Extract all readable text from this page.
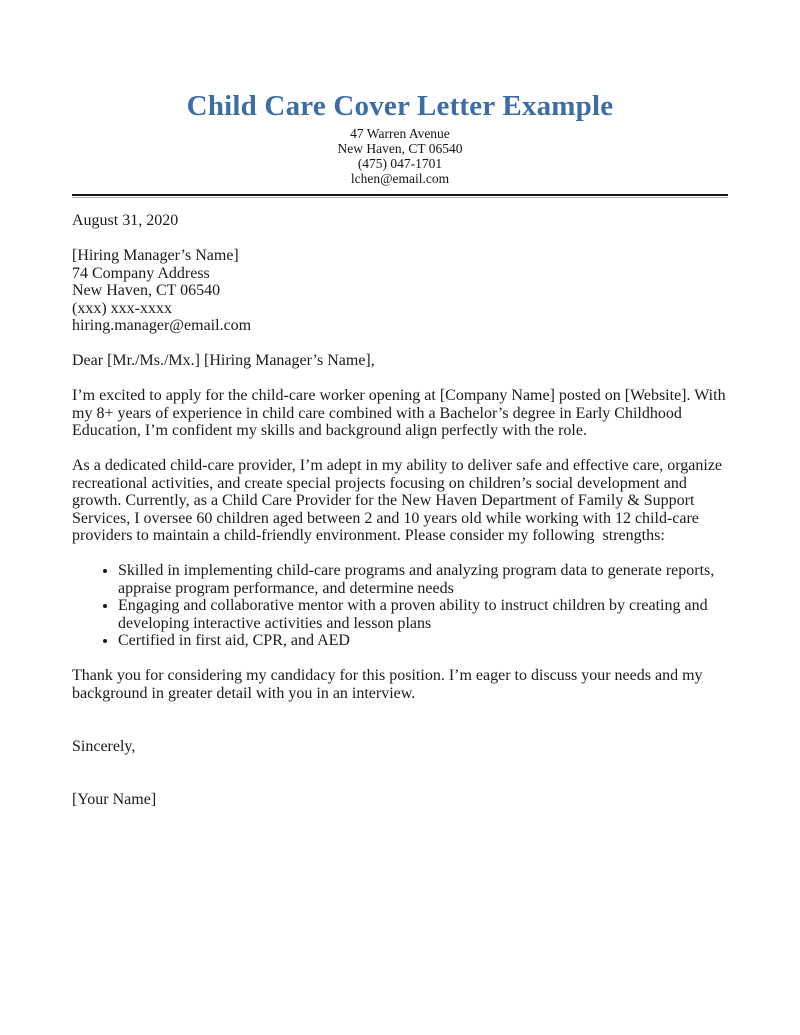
Child Care Cover Letter Example
47 Warren Avenue
New Haven, CT 06540
(475) 047-1701
lchen@email.com
August 31, 2020
[Hiring Manager’s Name]
74 Company Address
New Haven, CT 06540
(xxx) xxx-xxxx
hiring.manager@email.com
Dear [Mr./Ms./Mx.] [Hiring Manager’s Name],

I’m excited to apply for the child-care worker opening at [Company Name] posted on [Website]. With my 8+ years of experience in child care combined with a Bachelor’s degree in Early Childhood Education, I’m confident my skills and background align perfectly with the role.

As a dedicated child-care provider, I’m adept in my ability to deliver safe and effective care, organize recreational activities, and create special projects focusing on children’s social development and growth. Currently, as a Child Care Provider for the New Haven Department of Family & Support Services, I oversee 60 children aged between 2 and 10 years old while working with 12 child-care providers to maintain a child-friendly environment. Please consider my following  strengths:

• Skilled in implementing child-care programs and analyzing program data to generate reports, appraise program performance, and determine needs
• Engaging and collaborative mentor with a proven ability to instruct children by creating and developing interactive activities and lesson plans
• Certified in first aid, CPR, and AED

Thank you for considering my candidacy for this position. I’m eager to discuss your needs and my background in greater detail with you in an interview.

Sincerely,
[Your Name]
